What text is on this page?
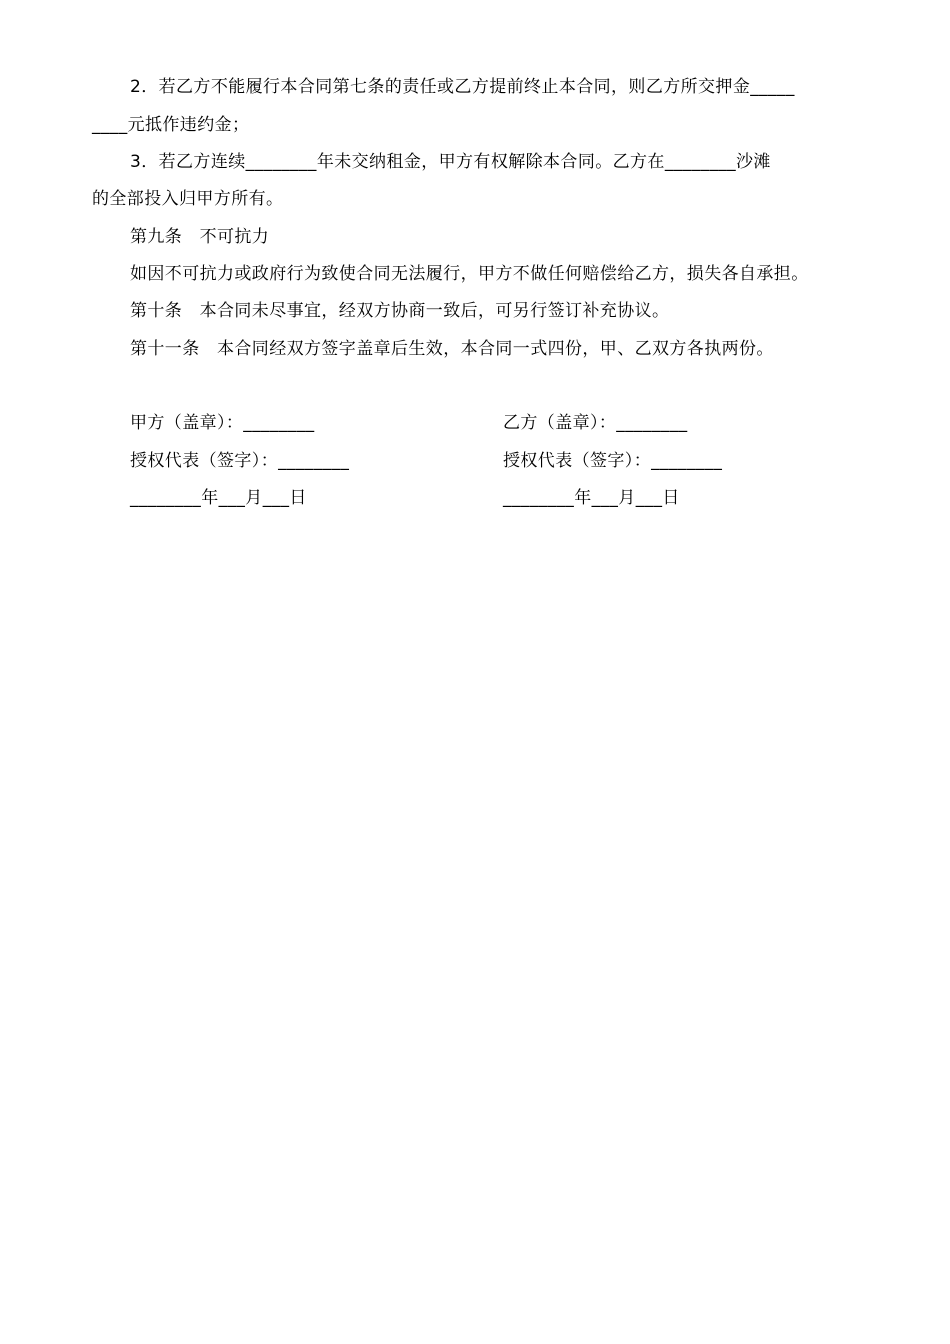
2．若乙方不能履行本合同第七条的责任或乙方提前终止本合同，则乙方所交押金_____
____元抵作违约金；
3．若乙方连续________年未交纳租金，甲方有权解除本合同。乙方在________沙滩
的全部投入归甲方所有。
第九条　不可抗力
如因不可抗力或政府行为致使合同无法履行，甲方不做任何赔偿给乙方，损失各自承担。
第十条　本合同未尽事宜，经双方协商一致后，可另行签订补充协议。
第十一条　本合同经双方签字盖章后生效，本合同一式四份，甲、乙双方各执两份。
甲方（盖章）：________
授权代表（签字）：________
________年___月___日
乙方（盖章）：________
授权代表（签字）：________
________年___月___日
